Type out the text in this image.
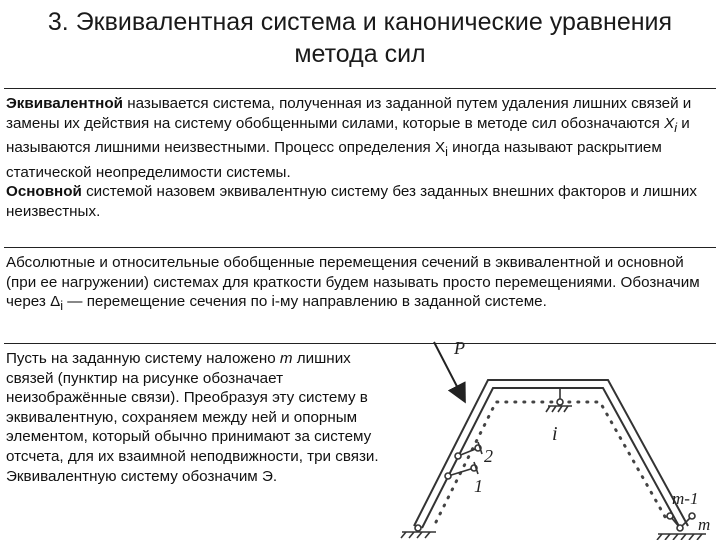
3. Эквивалентная система и канонические уравнения
метода сил
Эквивалентной называется система, полученная из заданной путем удаления лишних связей и замены их действия на систему обобщенными силами, которые в методе сил обозначаются $X_i$ и называются лишними неизвестными. Процесс определения $X_i$ иногда называют раскрытием статической неопределимости системы.
Основной системой назовем эквивалентную систему без заданных внешних факторов и лишних неизвестных.
Абсолютные и относительные обобщенные перемещения сечений в эквивалентной и основной (при ее нагружении) системах для краткости будем называть просто перемещениями. Обозначим через $\Delta_i$ — перемещение сечения по i-му направлению в заданной системе.
Пусть на заданную систему наложено m лишних связей (пунктир на рисунке обозначает неизображённые связи). Преобразуя эту систему в эквивалентную, сохраняем между ней и опорным элементом, который обычно принимают за систему отсчета, для их взаимной неподвижности, три связи. Эквивалентную систему обозначим Э.
P
i
2
1
m-1
m
